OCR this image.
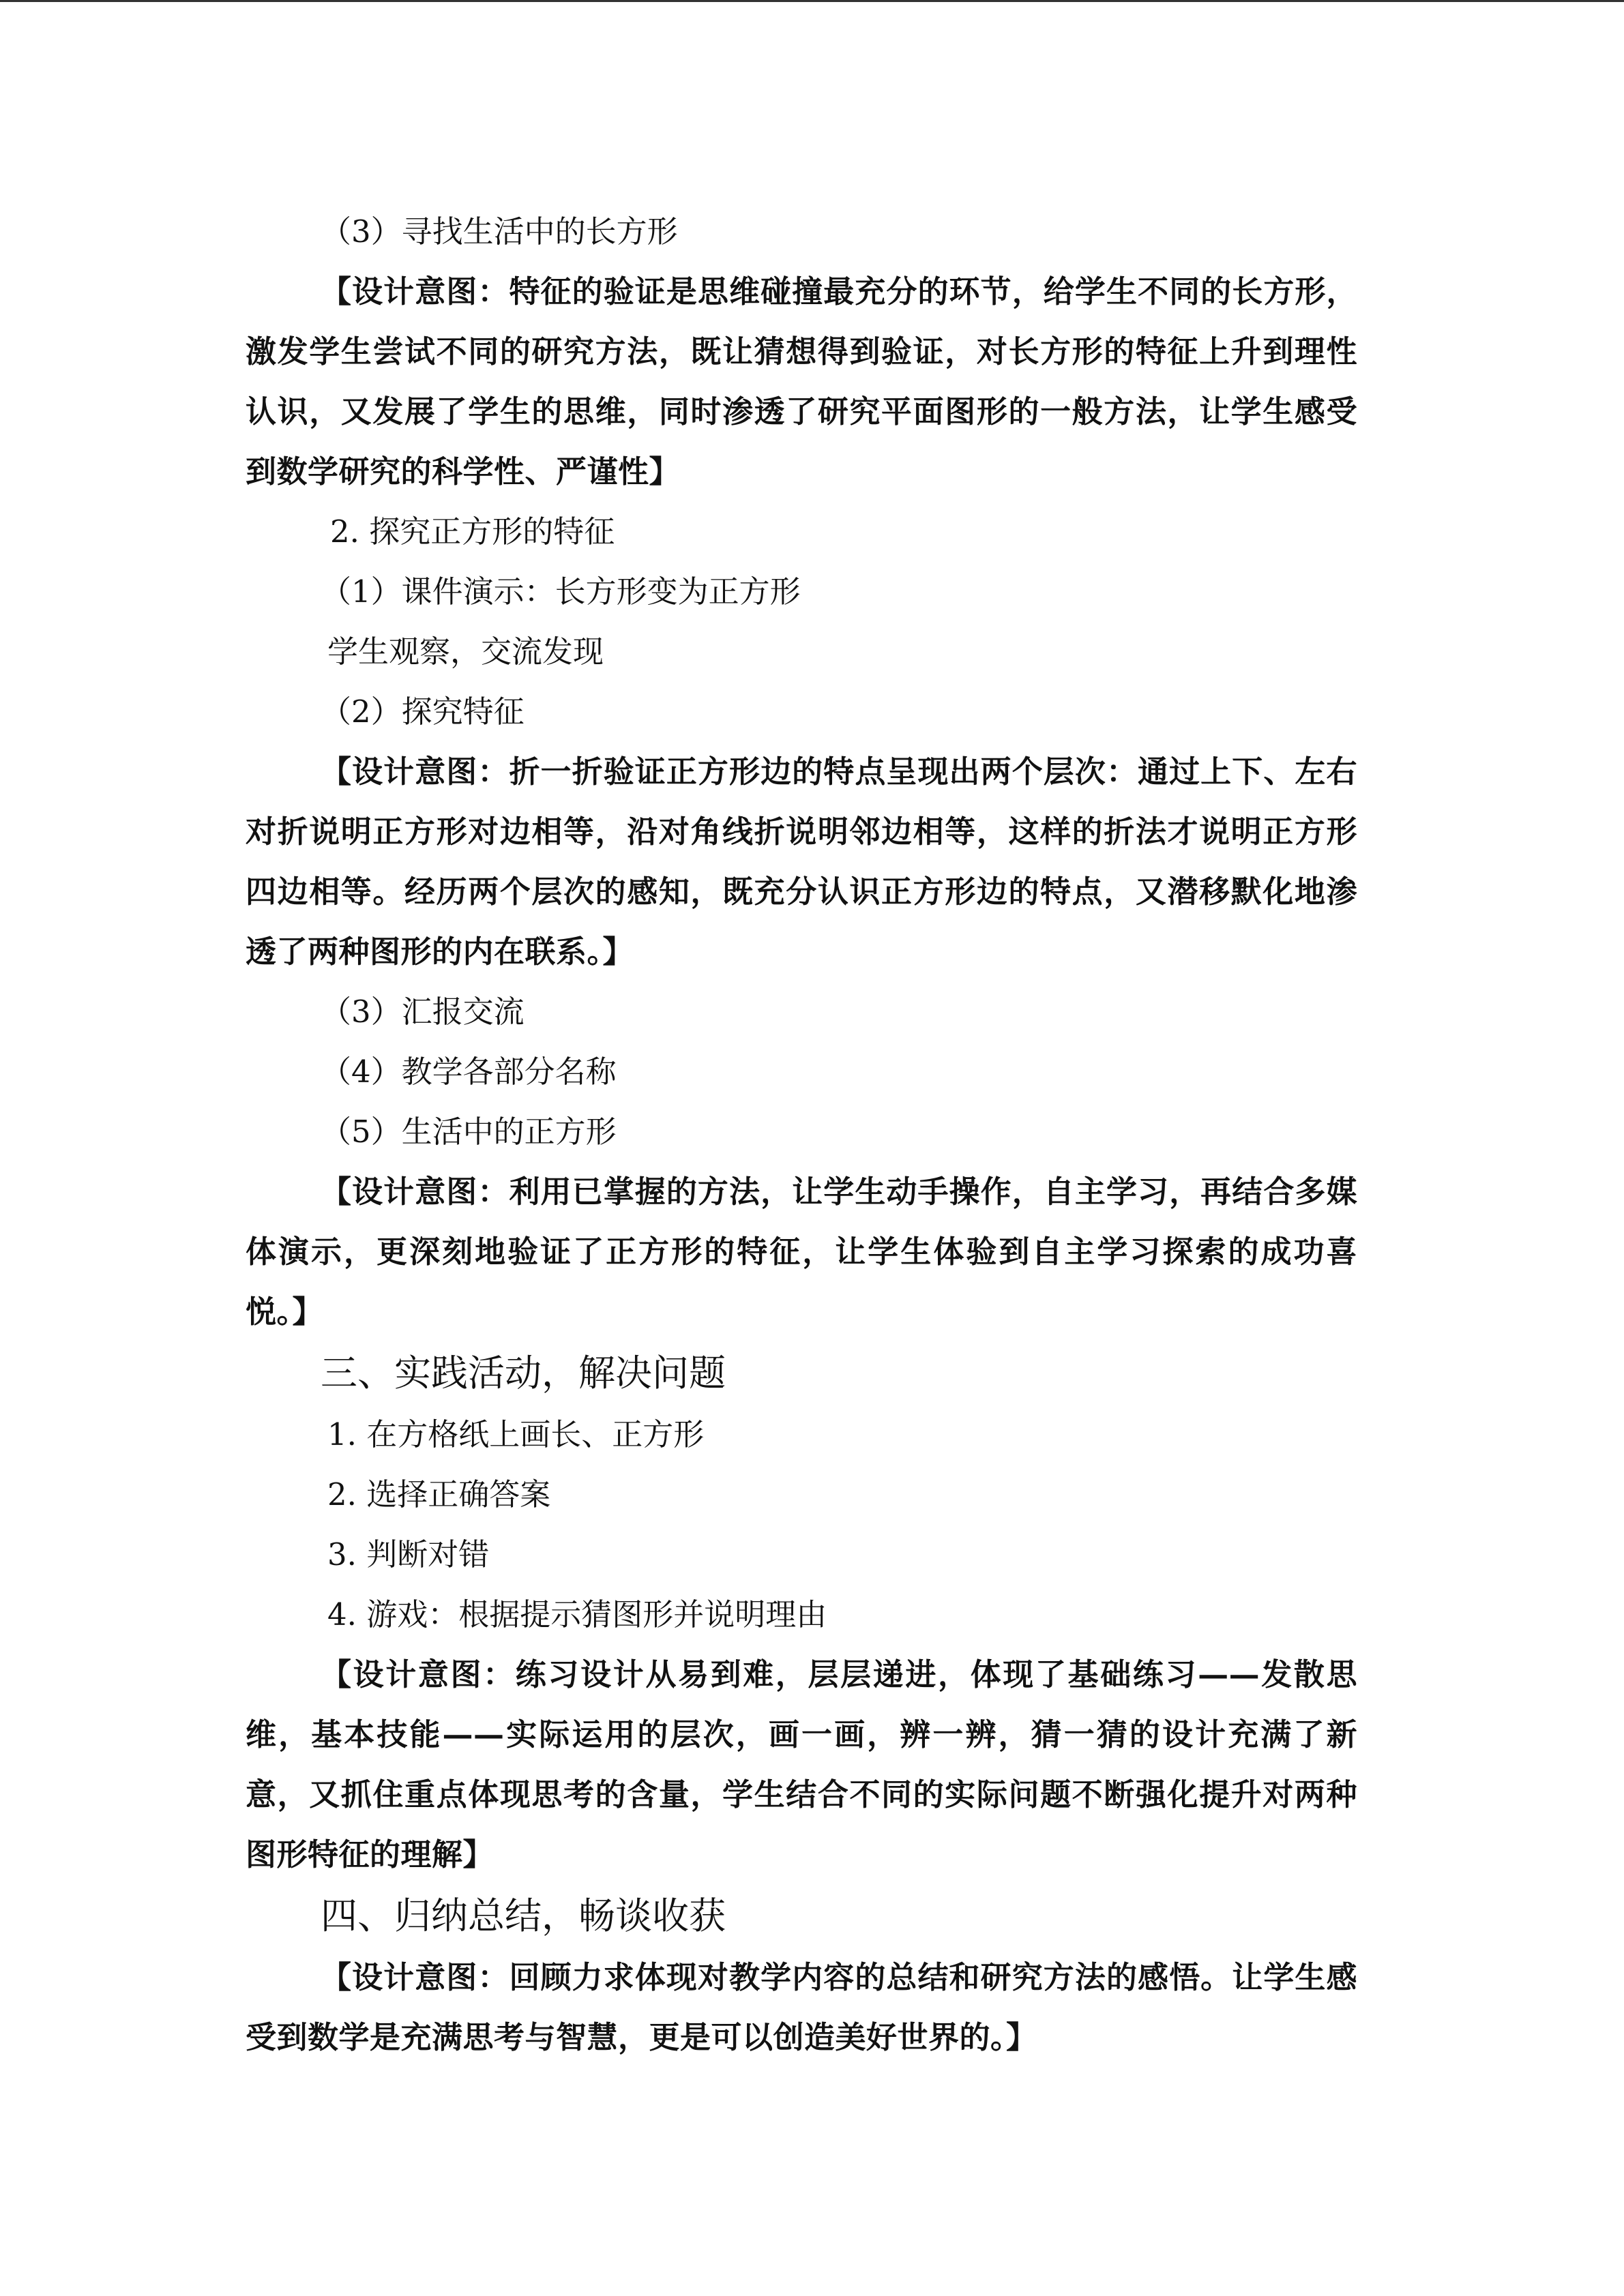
（3）寻找生活中的长方形
【设计意图：特征的验证是思维碰撞最充分的环节，给学生不同的长方形，激发学生尝试不同的研究方法，既让猜想得到验证，对长方形的特征上升到理性认识，又发展了学生的思维，同时渗透了研究平面图形的一般方法，让学生感受到数学研究的科学性、严谨性】
2. 探究正方形的特征
（1）课件演示：长方形变为正方形
学生观察，交流发现
（2）探究特征
【设计意图：折一折验证正方形边的特点呈现出两个层次：通过上下、左右对折说明正方形对边相等，沿对角线折说明邻边相等，这样的折法才说明正方形四边相等。经历两个层次的感知，既充分认识正方形边的特点，又潜移默化地渗透了两种图形的内在联系。】
（3）汇报交流
（4）教学各部分名称
（5）生活中的正方形
【设计意图：利用已掌握的方法，让学生动手操作，自主学习，再结合多媒体演示，更深刻地验证了正方形的特征，让学生体验到自主学习探索的成功喜悦。】
三、实践活动，解决问题
1. 在方格纸上画长、正方形
2. 选择正确答案
3. 判断对错
4. 游戏：根据提示猜图形并说明理由
【设计意图：练习设计从易到难，层层递进，体现了基础练习——发散思维，基本技能——实际运用的层次，画一画，辨一辨，猜一猜的设计充满了新意，又抓住重点体现思考的含量，学生结合不同的实际问题不断强化提升对两种图形特征的理解】
四、归纳总结，畅谈收获
【设计意图：回顾力求体现对教学内容的总结和研究方法的感悟。让学生感受到数学是充满思考与智慧，更是可以创造美好世界的。】
